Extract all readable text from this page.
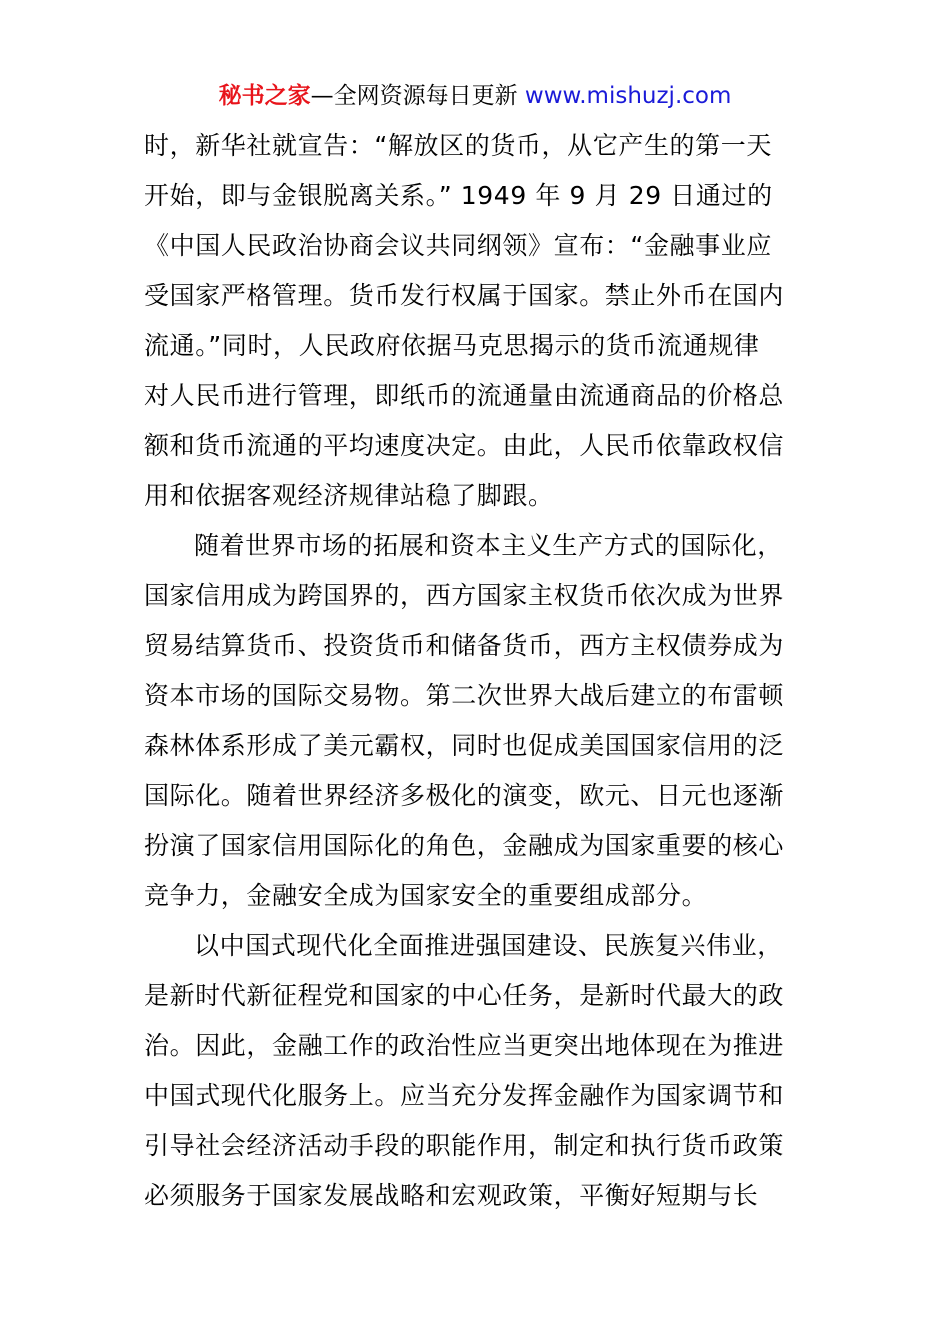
秘书之家—全网资源每日更新 www.mishuzj.com
时，新华社就宣告：“解放区的货币，从它产生的第一天
开始，即与金银脱离关系。” 1949 年 9 月 29 日通过的
《中国人民政治协商会议共同纲领》宣布：“金融事业应
受国家严格管理。货币发行权属于国家。禁止外币在国内
流通。”同时，人民政府依据马克思揭示的货币流通规律
对人民币进行管理，即纸币的流通量由流通商品的价格总
额和货币流通的平均速度决定。由此，人民币依靠政权信
用和依据客观经济规律站稳了脚跟。
随着世界市场的拓展和资本主义生产方式的国际化，
国家信用成为跨国界的，西方国家主权货币依次成为世界
贸易结算货币、投资货币和储备货币，西方主权债券成为
资本市场的国际交易物。第二次世界大战后建立的布雷顿
森林体系形成了美元霸权，同时也促成美国国家信用的泛
国际化。随着世界经济多极化的演变，欧元、日元也逐渐
扮演了国家信用国际化的角色，金融成为国家重要的核心
竞争力，金融安全成为国家安全的重要组成部分。
以中国式现代化全面推进强国建设、民族复兴伟业，
是新时代新征程党和国家的中心任务，是新时代最大的政
治。因此，金融工作的政治性应当更突出地体现在为推进
中国式现代化服务上。应当充分发挥金融作为国家调节和
引导社会经济活动手段的职能作用，制定和执行货币政策
必须服务于国家发展战略和宏观政策，平衡好短期与长
